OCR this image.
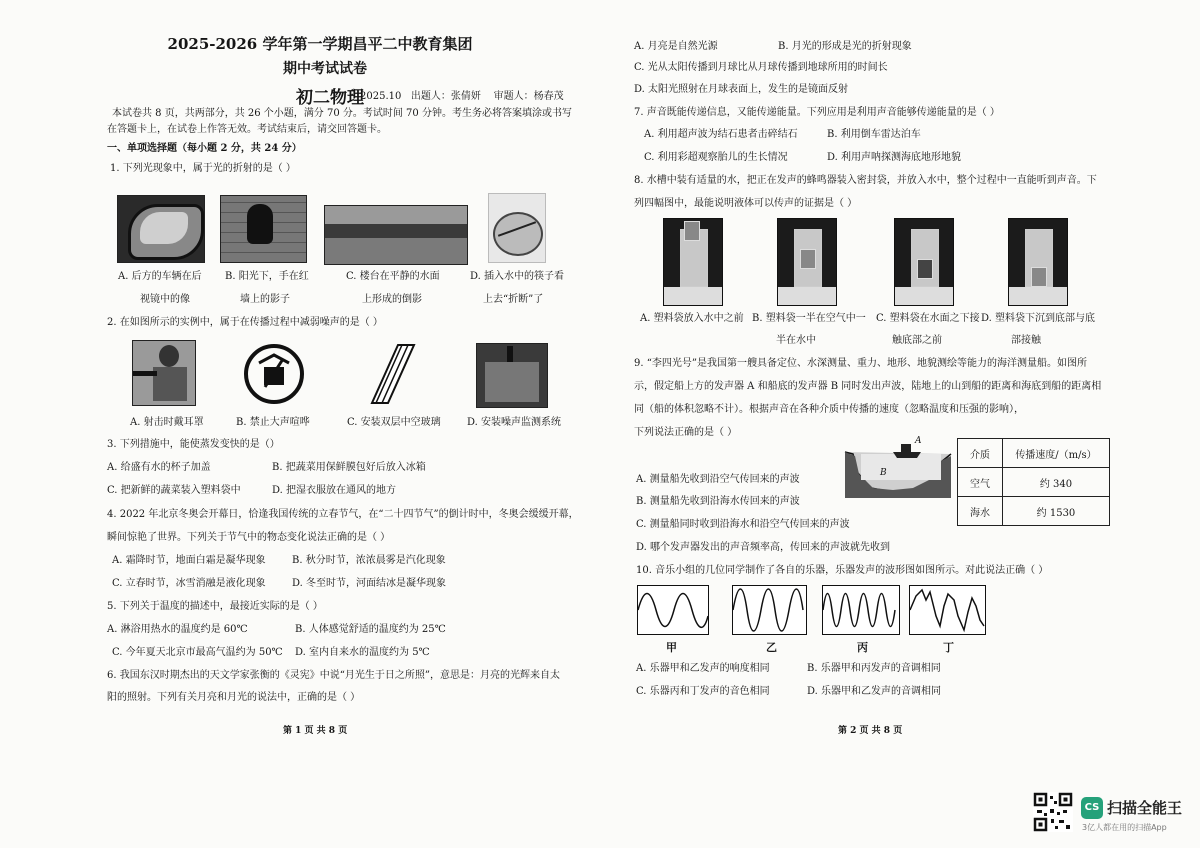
2025-2026 学年第一学期昌平二中教育集团
期中考试试卷
初二物理
2025.10 出题人：张倩妍 审题人：杨春茂
本试卷共 8 页，共两部分，共 26 个小题，满分 70 分。考试时间 70 分钟。考生务必将答案填涂或书写
在答题卡上，在试卷上作答无效。考试结束后，请交回答题卡。
一、单项选择题（每小题 2 分，共 24 分）
1. 下列光现象中，属于光的折射的是（ ）
A. 后方的车辆在后
视镜中的像
B. 阳光下，手在红
墙上的影子
C. 楼台在平静的水面
上形成的倒影
D. 插入水中的筷子看
上去“折断”了
2. 在如图所示的实例中，属于在传播过程中减弱噪声的是（ ）
A. 射击时戴耳罩	B. 禁止大声喧哗	C. 安装双层中空玻璃	D. 安装噪声监测系统
3. 下列措施中，能使蒸发变快的是（）
A. 给盛有水的杯子加盖	B. 把蔬菜用保鲜膜包好后放入冰箱
C. 把新鲜的蔬菜装入塑料袋中	D. 把湿衣服放在通风的地方
4. 2022 年北京冬奥会开幕日，恰逢我国传统的立春节气，在“二十四节气”的倒计时中，冬奥会缓缓开幕，
瞬间惊艳了世界。下列关于节气中的物态变化说法正确的是（ ）
A. 霜降时节，地面白霜是凝华现象	B. 秋分时节，浓浓晨雾是汽化现象
C. 立春时节，冰雪消融是液化现象	D. 冬至时节，河面结冰是凝华现象
5. 下列关于温度的描述中，最接近实际的是（ ）
A. 淋浴用热水的温度约是 60℃	B. 人体感觉舒适的温度约为 25℃
C. 今年夏天北京市最高气温约为 50℃ D. 室内自来水的温度约为 5℃
6. 我国东汉时期杰出的天文学家张衡的《灵宪》中说“月光生于日之所照”，意思是：月亮的光辉来自太
阳的照射。下列有关月亮和月光的说法中，正确的是（ ）
第 1 页 共 8 页
A. 月亮是自然光源	B. 月光的形成是光的折射现象
C. 光从太阳传播到月球比从月球传播到地球所用的时间长
D. 太阳光照射在月球表面上，发生的是镜面反射
7. 声音既能传递信息，又能传递能量。下列应用是利用声音能够传递能量的是（ ）
A. 利用超声波为结石患者击碎结石	B. 利用倒车雷达泊车
C. 利用彩超观察胎儿的生长情况	D. 利用声呐探测海底地形地貌
8. 水槽中装有适量的水，把正在发声的蜂鸣器装入密封袋，并放入水中，整个过程中一直能听到声音。下
列四幅图中，最能说明液体可以传声的证据是（ ）
A. 塑料袋放入水中之前 B. 塑料袋一半在空气中一
半在水中
C. 塑料袋在水面之下接
触底部之前
D. 塑料袋下沉到底部与底
部接触
9. “李四光号”是我国第一艘具备定位、水深测量、重力、地形、地貌测绘等能力的海洋测量船。如图所
示，假定船上方的发声器 A 和船底的发声器 B 同时发出声波，陆地上的山到船的距离和海底到船的距离相
同（船的体积忽略不计）。根据声音在各种介质中传播的速度（忽略温度和压强的影响），
下列说法正确的是（ ）
A
B
介质	传播速度/（m/s）
空气	约 340
海水	约 1530
A. 测量船先收到沿空气传回来的声波
B. 测量船先收到沿海水传回来的声波
C. 测量船同时收到沿海水和沿空气传回来的声波
D. 哪个发声器发出的声音频率高，传回来的声波就先收到
10. 音乐小组的几位同学制作了各自的乐器，乐器发声的波形图如图所示。对此说法正确（ ）
甲	乙	丙	丁
A. 乐器甲和乙发声的响度相同	B. 乐器甲和丙发声的音调相同
C. 乐器丙和丁发声的音色相同	D. 乐器甲和乙发声的音调相同
第 2 页 共 8 页
CS 扫描全能王
3亿人都在用的扫描App
